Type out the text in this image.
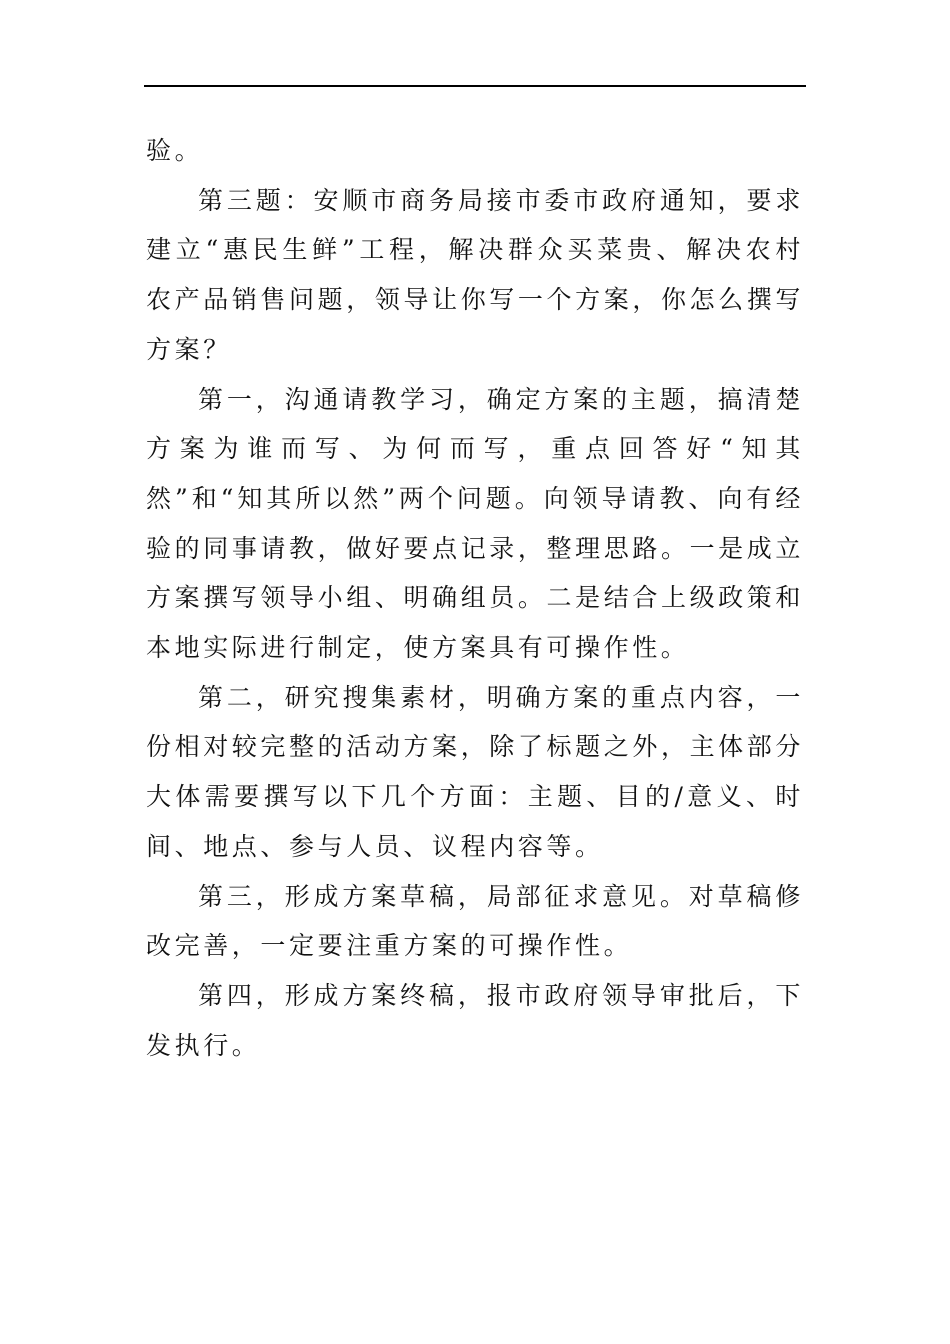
验。

第三题：安顺市商务局接市委市政府通知，要求建立“惠民生鲜”工程，解决群众买菜贵、解决农村农产品销售问题，领导让你写一个方案，你怎么撰写方案？

第一，沟通请教学习，确定方案的主题，搞清楚方案为谁而写、为何而写，重点回答好“知其然”和“知其所以然”两个问题。向领导请教、向有经验的同事请教，做好要点记录，整理思路。一是成立方案撰写领导小组、明确组员。二是结合上级政策和本地实际进行制定，使方案具有可操作性。

第二，研究搜集素材，明确方案的重点内容，一份相对较完整的活动方案，除了标题之外，主体部分大体需要撰写以下几个方面：主题、目的/意义、时间、地点、参与人员、议程内容等。

第三，形成方案草稿，局部征求意见。对草稿修改完善，一定要注重方案的可操作性。

第四，形成方案终稿，报市政府领导审批后，下发执行。
